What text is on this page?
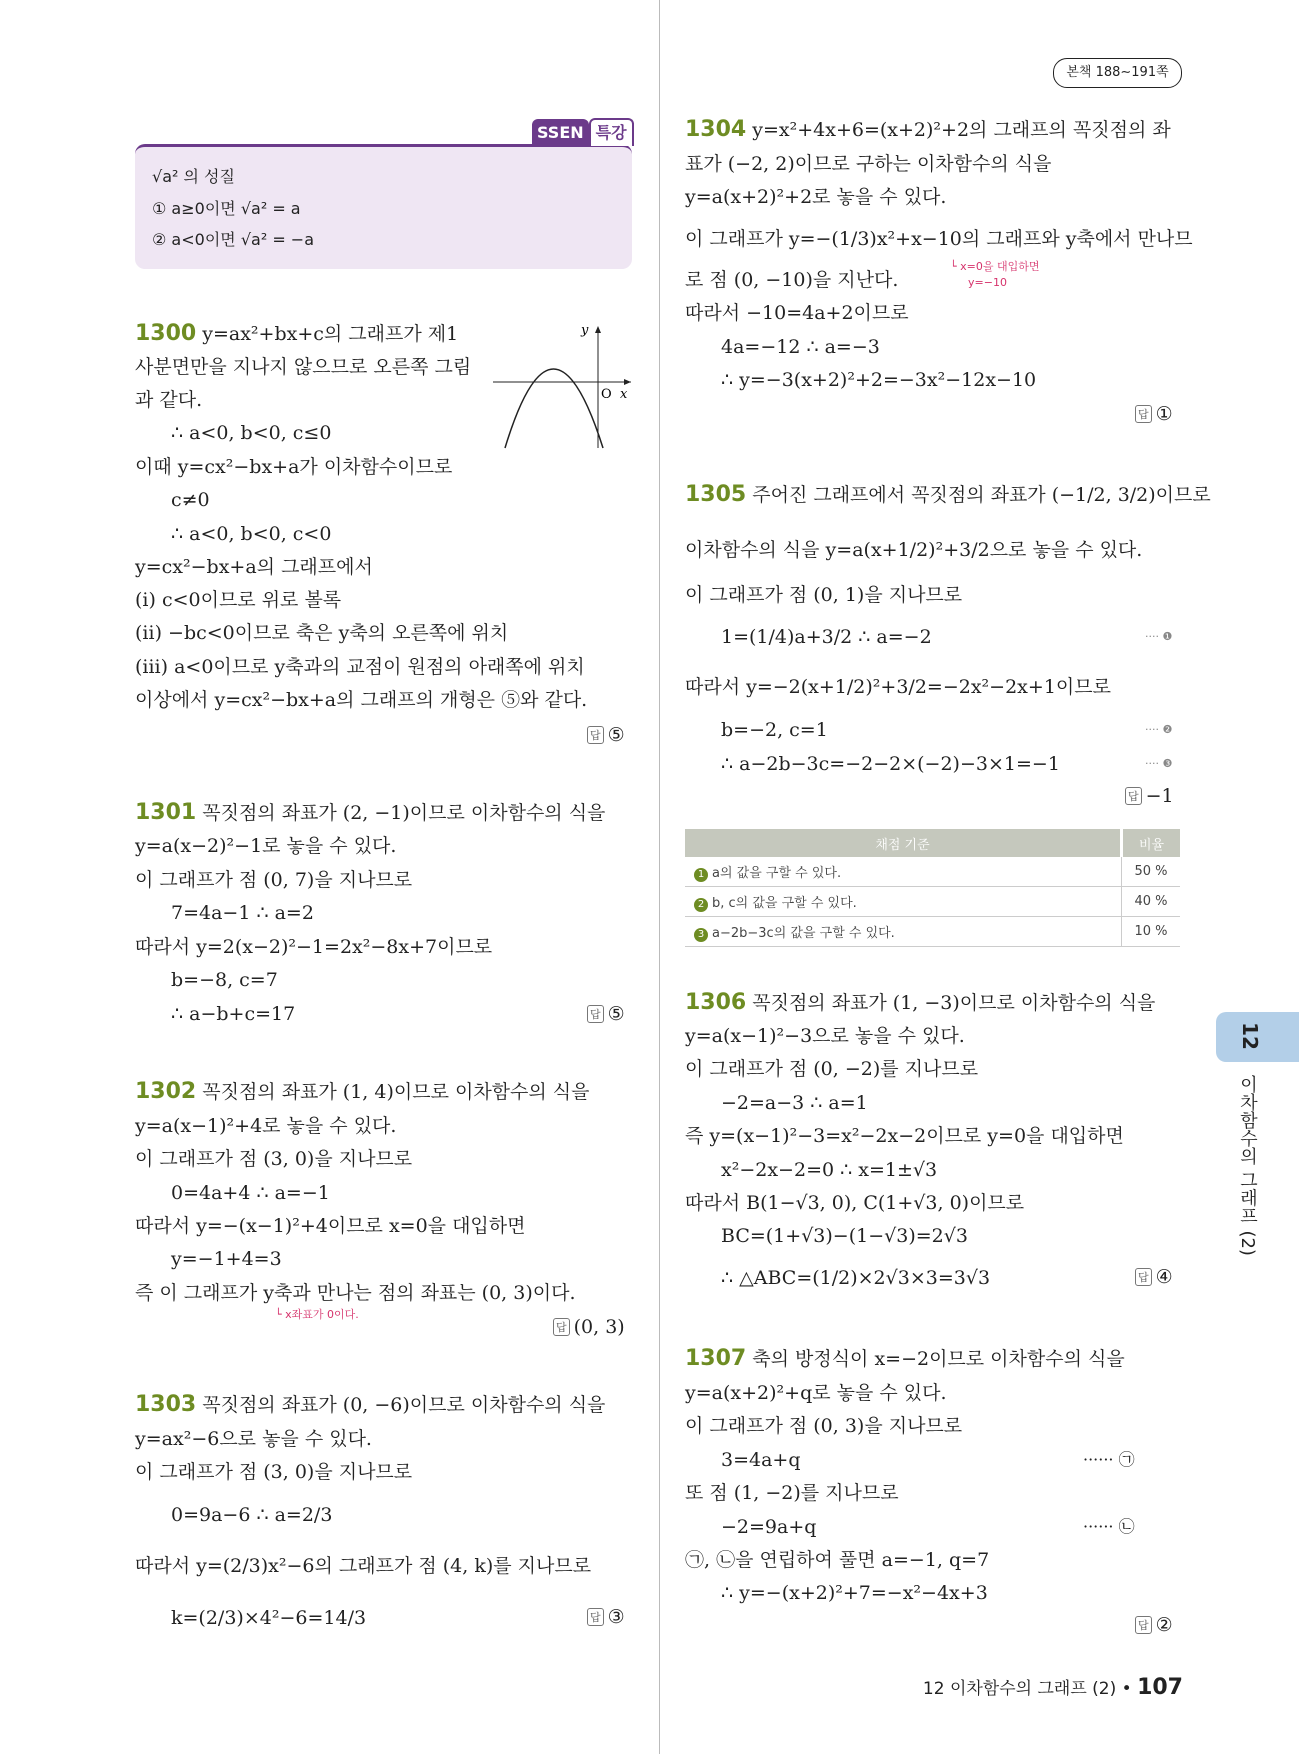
본책 188∼191쪽
SSEN 특강
√a² 의 성질
① a≥0이면 √a² = a
② a<0이면 √a² = −a
1300 y=ax²+bx+c의 그래프가 제1
사분면만을 지나지 않으므로 오른쪽 그림
과 같다.
∴ a<0, b<0, c≤0
이때 y=cx²−bx+a가 이차함수이므로
c≠0
∴ a<0, b<0, c<0
y=cx²−bx+a의 그래프에서
(ⅰ) c<0이므로 위로 볼록
(ⅱ) −bc<0이므로 축은 y축의 오른쪽에 위치
(ⅲ) a<0이므로 y축과의 교점이 원점의 아래쪽에 위치
이상에서 y=cx²−bx+a의 그래프의 개형은 ⑤와 같다.
답 ⑤
1301 꼭짓점의 좌표가 (2, −1)이므로 이차함수의 식을
y=a(x−2)²−1로 놓을 수 있다.
이 그래프가 점 (0, 7)을 지나므로
7=4a−1 ∴ a=2
따라서 y=2(x−2)²−1=2x²−8x+7이므로
b=−8, c=7
∴ a−b+c=17	답 ⑤
1302 꼭짓점의 좌표가 (1, 4)이므로 이차함수의 식을
y=a(x−1)²+4로 놓을 수 있다.
이 그래프가 점 (3, 0)을 지나므로
0=4a+4 ∴ a=−1
따라서 y=−(x−1)²+4이므로 x=0을 대입하면
y=−1+4=3
즉 이 그래프가 y축과 만나는 점의 좌표는 (0, 3)이다.
└ x좌표가 0이다.
답 (0, 3)
1303 꼭짓점의 좌표가 (0, −6)이므로 이차함수의 식을
y=ax²−6으로 놓을 수 있다.
이 그래프가 점 (3, 0)을 지나므로
0=9a−6 ∴ a=2/3
따라서 y=(2/3)x²−6의 그래프가 점 (4, k)를 지나므로
k=(2/3)×4²−6=14/3	답 ③
y
x
O
1304 y=x²+4x+6=(x+2)²+2의 그래프의 꼭짓점의 좌
표가 (−2, 2)이므로 구하는 이차함수의 식을
y=a(x+2)²+2로 놓을 수 있다.
이 그래프가 y=−(1/3)x²+x−10의 그래프와 y축에서 만나므
└ x=0을 대입하면
y=−10
로 점 (0, −10)을 지난다.
따라서 −10=4a+2이므로
4a=−12 ∴ a=−3
∴ y=−3(x+2)²+2=−3x²−12x−10
답 ①
1305 주어진 그래프에서 꼭짓점의 좌표가 (−1/2, 3/2)이므로
이차함수의 식을 y=a(x+1/2)²+3/2으로 놓을 수 있다.
이 그래프가 점 (0, 1)을 지나므로
1=(1/4)a+3/2 ∴ a=−2	···· ❶
따라서 y=−2(x+1/2)²+3/2=−2x²−2x+1이므로
b=−2, c=1	···· ❷
∴ a−2b−3c=−2−2×(−2)−3×1=−1	···· ❸
답 −1
1306 꼭짓점의 좌표가 (1, −3)이므로 이차함수의 식을
y=a(x−1)²−3으로 놓을 수 있다.
이 그래프가 점 (0, −2)를 지나므로
−2=a−3 ∴ a=1
즉 y=(x−1)²−3=x²−2x−2이므로 y=0을 대입하면
x²−2x−2=0 ∴ x=1±√3
따라서 B(1−√3, 0), C(1+√3, 0)이므로
BC=(1+√3)−(1−√3)=2√3
∴ △ABC=(1/2)×2√3×3=3√3	답 ④
1307 축의 방정식이 x=−2이므로 이차함수의 식을
y=a(x+2)²+q로 놓을 수 있다.
이 그래프가 점 (0, 3)을 지나므로
3=4a+q	······ ㉠
또 점 (1, −2)를 지나므로
−2=9a+q	······ ㉡
㉠, ㉡을 연립하여 풀면 a=−1, q=7
∴ y=−(x+2)²+7=−x²−4x+3
답 ②
채점 기준	비율
1 a의 값을 구할 수 있다.	50 %
2 b, c의 값을 구할 수 있다.	40 %
3 a−2b−3c의 값을 구할 수 있다.	10 %
12
이차함수의 그래프 (2)
12 이차함수의 그래프 (2) • 107
